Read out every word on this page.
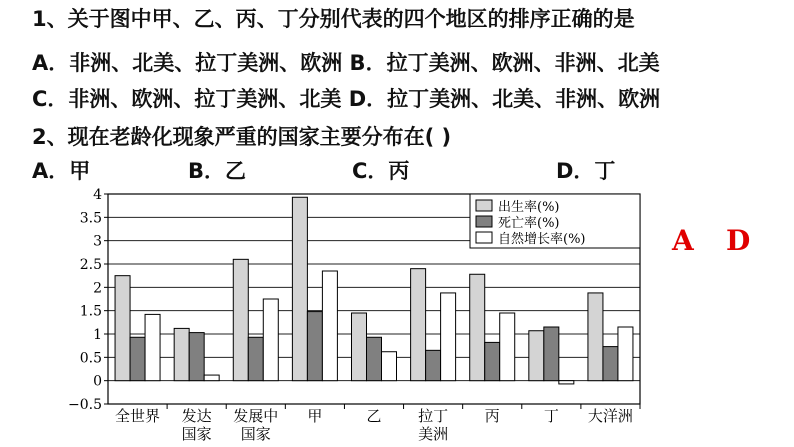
1、关于图中甲、乙、丙、丁分别代表的四个地区的排序正确的是
A．非洲、北美、拉丁美洲、欧洲 B．拉丁美洲、欧洲、非洲、北美
C．非洲、欧洲、拉丁美洲、北美 D．拉丁美洲、北美、非洲、欧洲
2、现在老龄化现象严重的国家主要分布在( )
A．甲	B．乙	C．丙	D．丁
4
3.5
3
2.5
2
1.5
1
0.5
0
−0.5
全世界 发达
国家
发展中
国家
甲	乙 拉丁
美洲
丙	丁 大洋洲
出生率(%)
死亡率(%)
自然增长率(%)	A D
